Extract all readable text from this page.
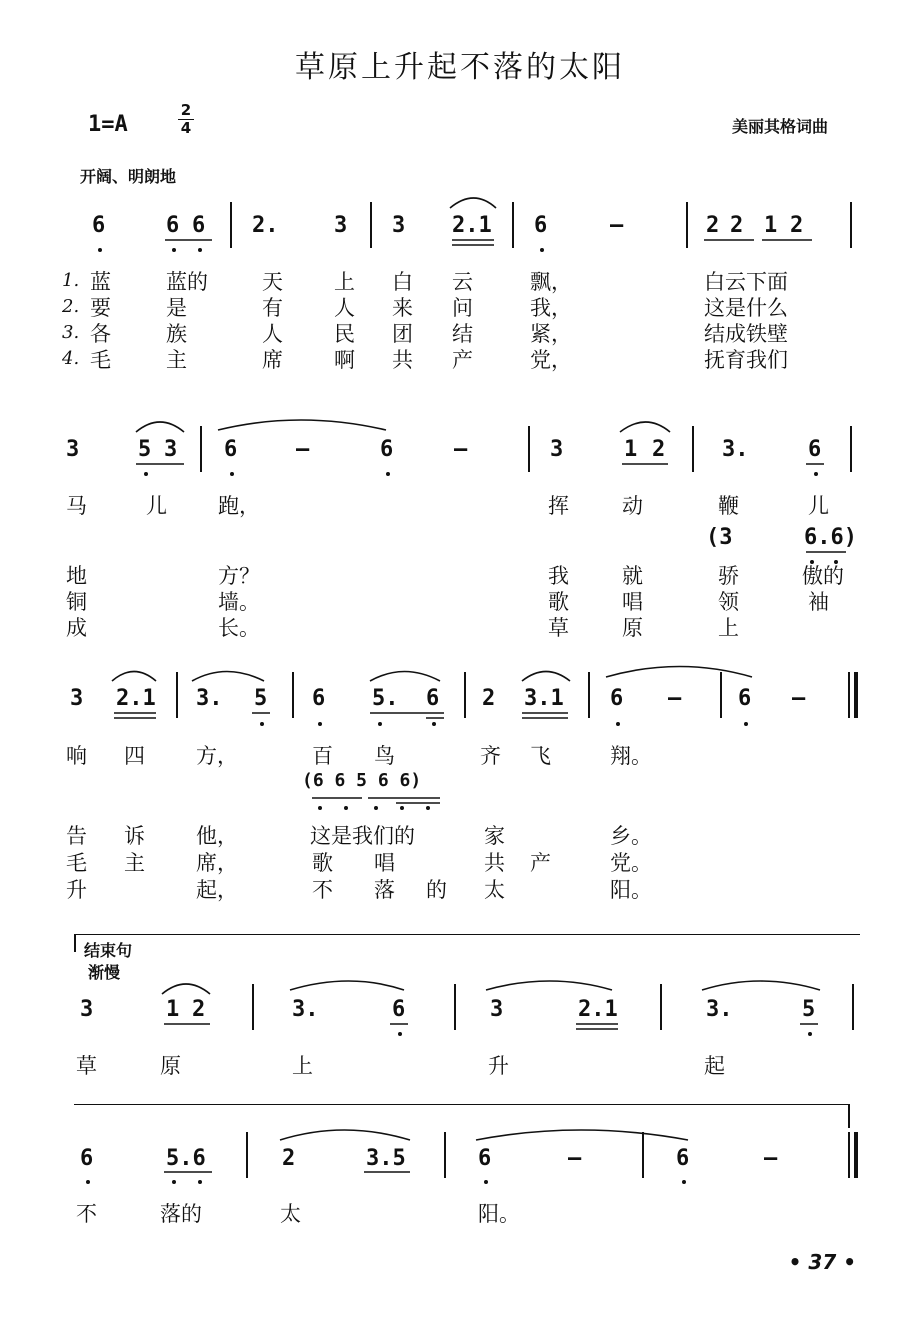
草原上升起不落的太阳
1=A
2
4	美丽其格词曲
开阔、明朗地
6	6 6 2.	3 3 2.1 6	–	2 2 1 2
1.
2.
3.
4.
蓝	蓝的	天 上 白 云	飘，	白云下面
要	是	有 人 来 问	我，	这是什么
各	族	人 民 团 结	紧，	结成铁壁
毛	主	席 啊 共 产	党，	抚育我们
3	5 3 6	–	6	–	3	1 2	3.	6
(3	6.6)
马	儿 跑，	挥	动	鞭	儿
地	方？	我	就	骄	傲的
铜	墙。	歌	唱	领	袖
成	长。	草	原	上
3 2.1 3. 5 6 5. 6 2 3.1 6 –	6 –
(6 6 5 6 6)
响 四 方，	百 鸟	齐 飞	翔。
告 诉 他，	这是我们的	家	乡。
毛 主 席，	歌 唱	共 产	党。
升	起，	不 落 的 太	阳。
结束句
渐慢
3	1 2	3.	6	3	2.1	3.	5
草	原	上	升	起
6	5.6	2	3.5	6	–	6	–
不	落的	太	阳。
• 37 •
